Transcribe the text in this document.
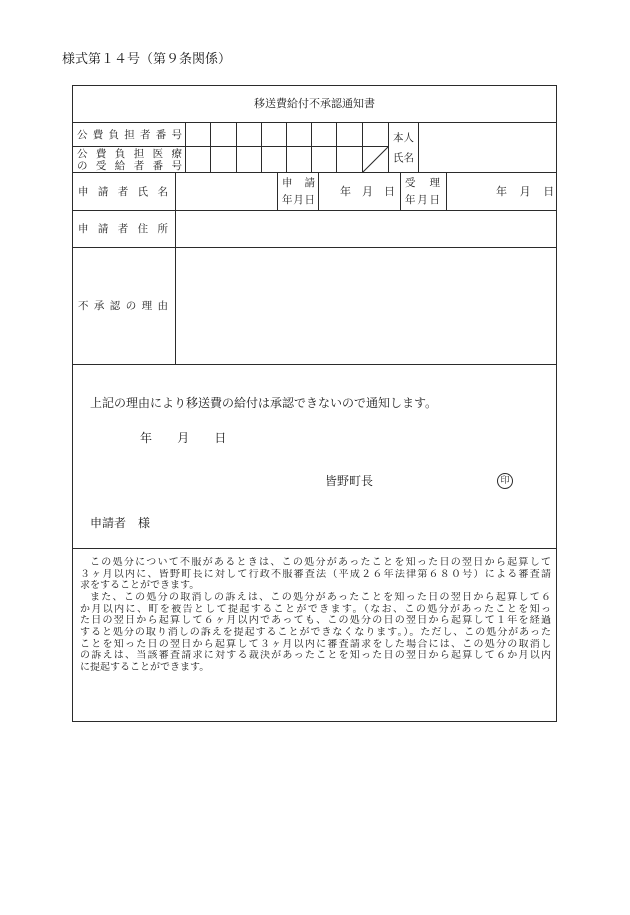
様式第１４号（第９条関係）
移送費給付不承認通知書
公費負担者番号
公費負担医療
の受給者番号
本人
氏名
申請者氏名
申請
年月日
年　月　日
受理
年月日
年　月　日
申請者住所
不承認の理由
上記の理由により移送費の給付は承認できないので通知します。
年　　月　　日
皆野町長	印
申請者　様
この処分について不服があるときは、この処分があったことを知った日の翌日から起算して
３ヶ月以内に、皆野町長に対して行政不服審査法（平成２６年法律第６８０号）による審査請
求をすることができます。
また、この処分の取消しの訴えは、この処分があったことを知った日の翌日から起算して６
か月以内に、町を被告として提起することができます。（なお、この処分があったことを知っ
た日の翌日から起算して６ヶ月以内であっても、この処分の日の翌日から起算して１年を経過
すると処分の取り消しの訴えを提起することができなくなります。）。ただし、この処分があった
ことを知った日の翌日から起算して３ヶ月以内に審査請求をした場合には、この処分の取消し
の訴えは、当該審査請求に対する裁決があったことを知った日の翌日から起算して６か月以内
に提起することができます。
